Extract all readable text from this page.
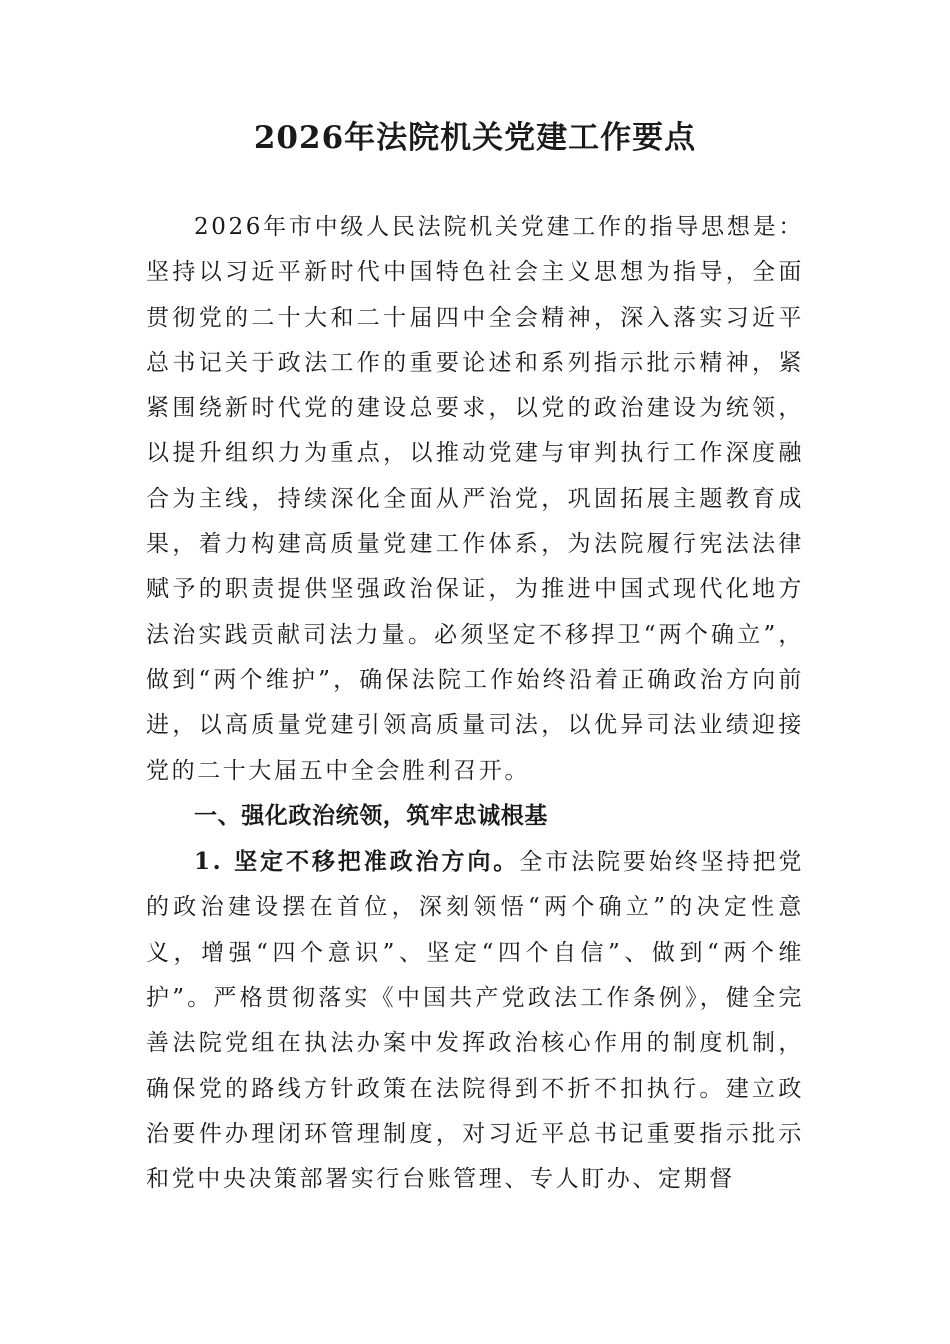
2026年法院机关党建工作要点

2026年市中级人民法院机关党建工作的指导思想是：坚持以习近平新时代中国特色社会主义思想为指导，全面贯彻党的二十大和二十届四中全会精神，深入落实习近平总书记关于政法工作的重要论述和系列指示批示精神，紧紧围绕新时代党的建设总要求，以党的政治建设为统领，以提升组织力为重点，以推动党建与审判执行工作深度融合为主线，持续深化全面从严治党，巩固拓展主题教育成果，着力构建高质量党建工作体系，为法院履行宪法法律赋予的职责提供坚强政治保证，为推进中国式现代化地方法治实践贡献司法力量。必须坚定不移捍卫“两个确立”，做到“两个维护”，确保法院工作始终沿着正确政治方向前进，以高质量党建引领高质量司法，以优异司法业绩迎接党的二十大届五中全会胜利召开。

一、强化政治统领，筑牢忠诚根基

1. 坚定不移把准政治方向。全市法院要始终坚持把党的政治建设摆在首位，深刻领悟“两个确立”的决定性意义，增强“四个意识”、坚定“四个自信”、做到“两个维护”。严格贯彻落实《中国共产党政法工作条例》，健全完善法院党组在执法办案中发挥政治核心作用的制度机制，确保党的路线方针政策在法院得到不折不扣执行。建立政治要件办理闭环管理制度，对习近平总书记重要指示批示和党中央决策部署实行台账管理、专人盯办、定期督
